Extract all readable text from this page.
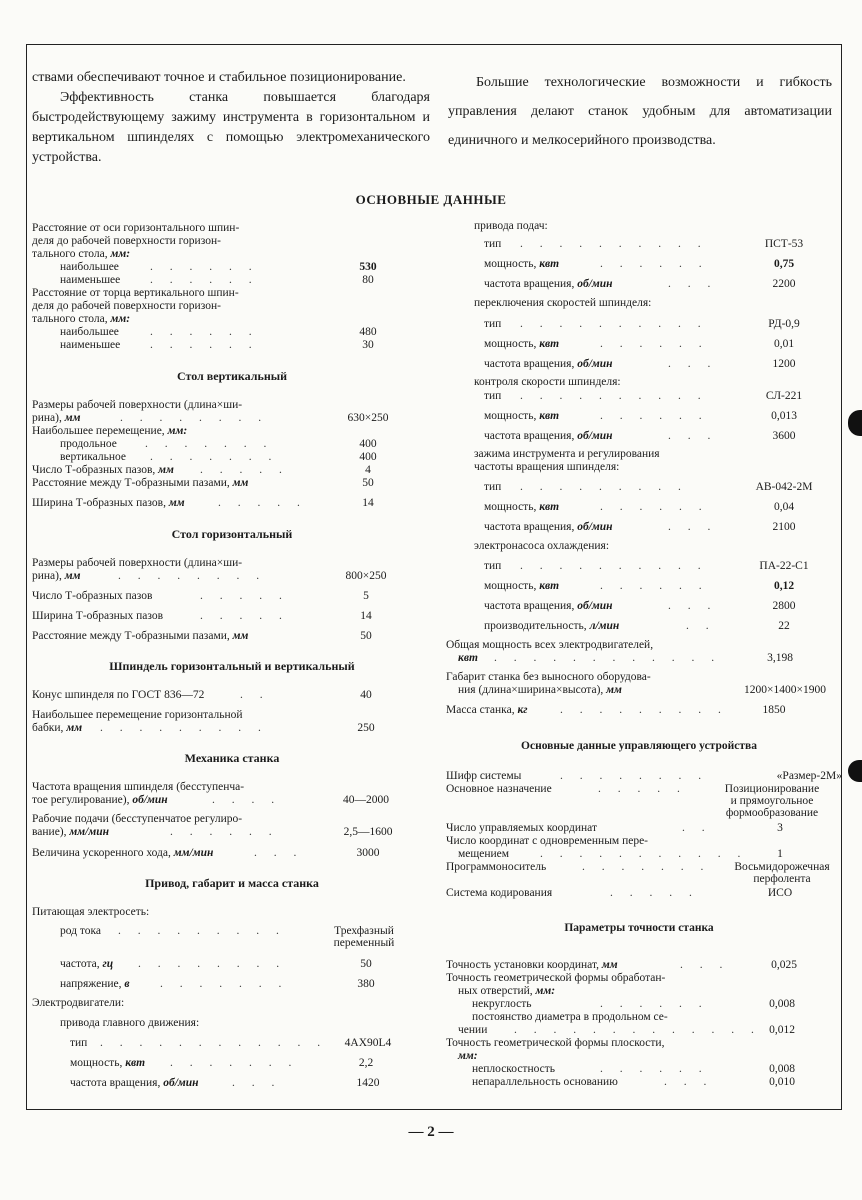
ствами обеспечивают точное и стабильное позиционирование.

Эффективность станка повышается благодаря быстродействующему зажиму инструмента в горизонтальном и вертикальном шпинделях с помощью электромеханического устройства.

Большие технологические возможности и гибкость управления делают станок удобным для автоматизации единичного и мелкосерийного производства.

ОСНОВНЫЕ ДАННЫЕ
Расстояние от оси горизонтального шпин-
деля до рабочей поверхности горизон-
тального стола, мм:
наибольшее	530
. . . . . .
наименьшее	80
. . . . . .
Расстояние от торца вертикального шпин-
деля до рабочей поверхности горизон-
тального стола, мм:
наибольшее	480
. . . . . .
наименьшее	30
. . . . . .
Стол вертикальный
Размеры рабочей поверхности (длина×ши-
рина), мм	630×250
. . . . . . . .
Наибольшее перемещение, мм:
продольное	400
. . . . . . .
вертикальное	400
. . . . . . .
Число Т-образных пазов, мм	4
. . . . .
Расстояние между Т-образными пазами, мм	50
Ширина Т-образных пазов, мм	14
. . . . .
Стол горизонтальный
Размеры рабочей поверхности (длина×ши-
рина), мм	800×250
. . . . . . . .
Число Т-образных пазов	5
. . . . .
Ширина Т-образных пазов	14
. . . . .
Расстояние между Т-образными пазами, мм	50
Шпиндель горизонтальный и вертикальный
Конус шпинделя по ГОСТ 836—72	40
. .
Наибольшее перемещение горизонтальной
бабки, мм	250
. . . . . . . . .
Механика станка
Частота вращения шпинделя (бесступенча-
тое регулирование), об/мин	40—2000
. . . .
Рабочие подачи (бесступенчатое регулиро-
вание), мм/мин	2,5—1600
. . . . . .
Величина ускоренного хода, мм/мин	3000
. . .
Привод, габарит и масса станка
Питающая электросеть:
род тока . . . . . . . . .	Трехфазный
переменный
частота, гц	50
. . . . . . . .
напряжение, в	380
. . . . . . .
Электродвигатели:
привода главного движения:
тип	4АХ90L4
. . . . . . . . . . . .
мощность, квт	2,2
. . . . . . .
частота вращения, об/мин	1420
. . .
привода подач:
тип	ПСТ-53
. . . . . . . . . .
мощность, квт	0,75
. . . . . .
частота вращения, об/мин	2200
. . .
переключения скоростей шпинделя:
тип	РД-0,9
. . . . . . . . . .
мощность, квт	0,01
. . . . . .
частота вращения, об/мин	1200
. . .
контроля скорости шпинделя:
тип	СЛ-221
. . . . . . . . . .
мощность, квт	0,013
. . . . . .
частота вращения, об/мин	3600
. . .
зажима инструмента и регулирования
частоты вращения шпинделя:
тип	АВ-042-2М
. . . . . . . . .
мощность, квт	0,04
. . . . . .
частота вращения, об/мин	2100
. . .
электронасоса охлаждения:
тип	ПА-22-С1
. . . . . . . . . .
мощность, квт	0,12
. . . . . .
частота вращения, об/мин	2800
. . .
производительность, л/мин	22
. .
Общая мощность всех электродвигателей,
квт	3,198
. . . . . . . . . . . .
Габарит станка без выносного оборудова-
ния (длина×ширина×высота), мм	1200×1400×1900
Масса станка, кг	1850
. . . . . . . . .
Основные данные управляющего устройства
Шифр системы	. . . . . . . .	«Размер-2М»
Основное назначение	. . . . .	Позиционирование
и прямоугольное
формообразование
Число управляемых координат	3
. .
Число координат с одновременным пере-
мещением	1
. . . . . . . . . . .
Программоноситель	. . . . . . .	Восьмидорожечная
перфолента
Система кодирования	ИСО
. . . . .
Параметры точности станка
Точность установки координат, мм	0,025
. . .
Точность геометрической формы обработан-
ных отверстий, мм:
некруглость	0,008
. . . . . .
постоянство диаметра в продольном се-
чении	0,012
. . . . . . . . . . . . .
Точность геометрической формы плоскости,
мм:
неплоскостность	0,008
. . . . . .
непараллельность основанию	0,010
. . .
— 2 —
